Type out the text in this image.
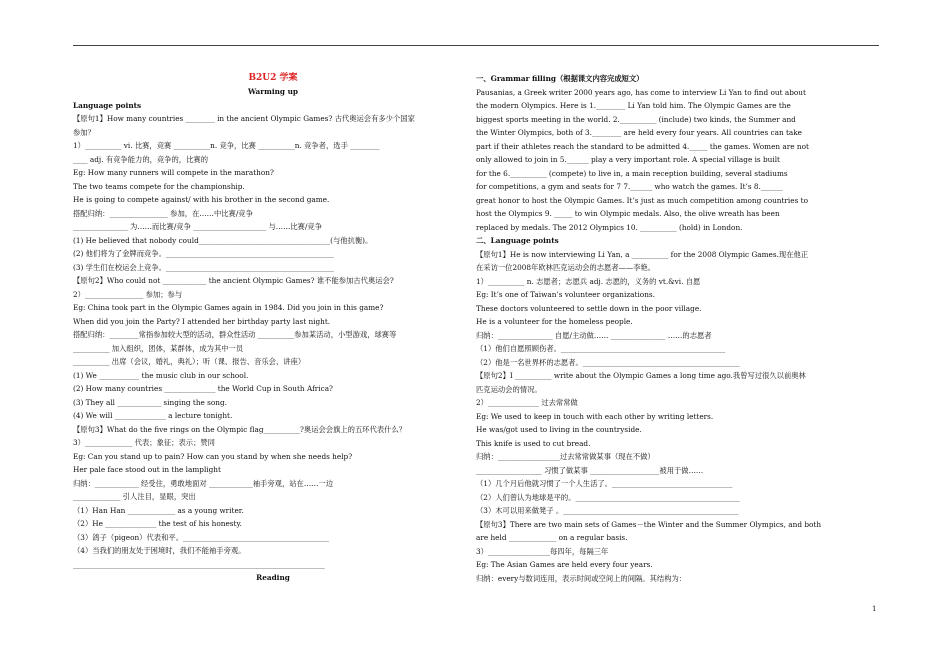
B2U2 学案
Warming up
Language points
【原句1】How many countries ________ in the ancient Olympic Games? 古代奥运会有多少个国家
参加？
1）__________ vi. 比赛，竞赛 __________n. 竞争，比赛 __________n. 竞争者，选手 ________
____ adj. 有竞争能力的，竞争的，比赛的
Eg: How many runners will compete in the marathon?
The two teams compete for the championship.
He is going to compete against/ with his brother in the second game.
搭配归纳：________________ 参加，在……中比赛/竞争
_______________ 为……而比赛/竞争 ____________________ 与……比赛/竞争
(1) He believed that nobody could____________________________________(与他抗衡)。
(2) 他们将为了金牌而竞争。______________________________________________
(3) 学生们在校运会上竞争。______________________________________________
【原句2】Who could not ____________ the ancient Olympic Games? 谁不能参加古代奥运会?
2）________________ 参加；参与
Eg: China took part in the Olympic Games again in 1984. Did you join in this game?
When did you join the Party? I attended her birthday party last night.
搭配归纳：________常指参加较大型的活动，群众性活动 __________参加某活动，小型游戏，球赛等
__________ 加入组织，团体，某群体，成为其中一员
__________ 出席（会议，婚礼，典礼）；听（课、报告、音乐会、讲座）
(1) We ___________ the music club in our school.
(2) How many countries ______________ the World Cup in South Africa?
(3) They all ____________ singing the song.
(4) We will ______________ a lecture tonight.
【原句3】What do the five rings on the Olympic flag__________?奥运会会旗上的五环代表什么？
3）_____________ 代表；象征；表示；赞同
Eg: Can you stand up to pain? How can you stand by when she needs help?
Her pale face stood out in the lamplight
归纳：____________ 经受住，勇敢地面对 ____________袖手旁观，站在……一边
_____________ 引人注目，显眼，突出
（1）Han Han _____________ as a young writer.
（2）He ______________ the test of his honesty.
（3）鸽子（pigeon）代表和平。________________________________________
（4）当我们的朋友处于困境时，我们不能袖手旁观。
_____________________________________________________________________
Reading
一、Grammar filling（根据课文内容完成短文）
Pausanias, a Greek writer 2000 years ago, has come to interview Li Yan to find out about
the modern Olympics. Here is 1.________ Li Yan told him. The Olympic Games are the
biggest sports meeting in the world. 2.__________ (include) two kinds, the Summer and
the Winter Olympics, both of 3.________ are held every four years. All countries can take
part if their athletes reach the standard to be admitted 4._____ the games. Women are not
only allowed to join in 5.______ play a very important role. A special village is built
for the 6.__________ (compete) to live in, a main reception building, several stadiums
for competitions, a gym and seats for 7 7.______ who watch the games. It’s 8.______
great honor to host the Olympic Games. It’s just as much competition among countries to
host the Olympics 9. _____ to win Olympic medals. Also, the olive wreath has been
replaced by medals. The 2012 Olympics 10. __________ (hold) in London.
二、Language points
【原句1】He is now interviewing Li Yan, a __________ for the 2008 Olympic Games.现在他正
在采访一位2008年欧林匹克运动会的志愿者——李艳。
1）__________ n. 志愿者；志愿兵 adj. 志愿的，义务的 vt.&vi. 自愿
Eg: It’s one of Taiwan’s volunteer organizations.
These doctors volunteered to settle down in the poor village.
He is a volunteer for the homeless people.
归纳：_______________ 自愿/主动做…… _______________ ……的志愿者
（1）他们自愿照顾伤者。_____________________________________________
（2）他是一名世界杯的志愿者。___________________________________________
【原句2】I __________ write about the Olympic Games a long time ago.我曾写过很久以前奥林
匹克运动会的情况。
2）______________ 过去常常做
Eg: We used to keep in touch with each other by writing letters.
He was/got used to living in the countryside.
This knife is used to cut bread.
归纳：_________________过去常常做某事（现在不做）
__________________ 习惯了做某事 ___________________被用于做……
（1）几个月后他就习惯了一个人生活了。_________________________________
（2）人们曾认为地球是平的。_____________________________________________
（3）木可以用来做凳子 。________________________________________________
【原句3】There are two main sets of Games－the Winter and the Summer Olympics, and both
are held _____________ on a regular basis.
3）_________________每四年，每隔三年
Eg: The Asian Games are held every four years.
归纳：every与数词连用，表示时间或空间上的间隔。其结构为：
1
